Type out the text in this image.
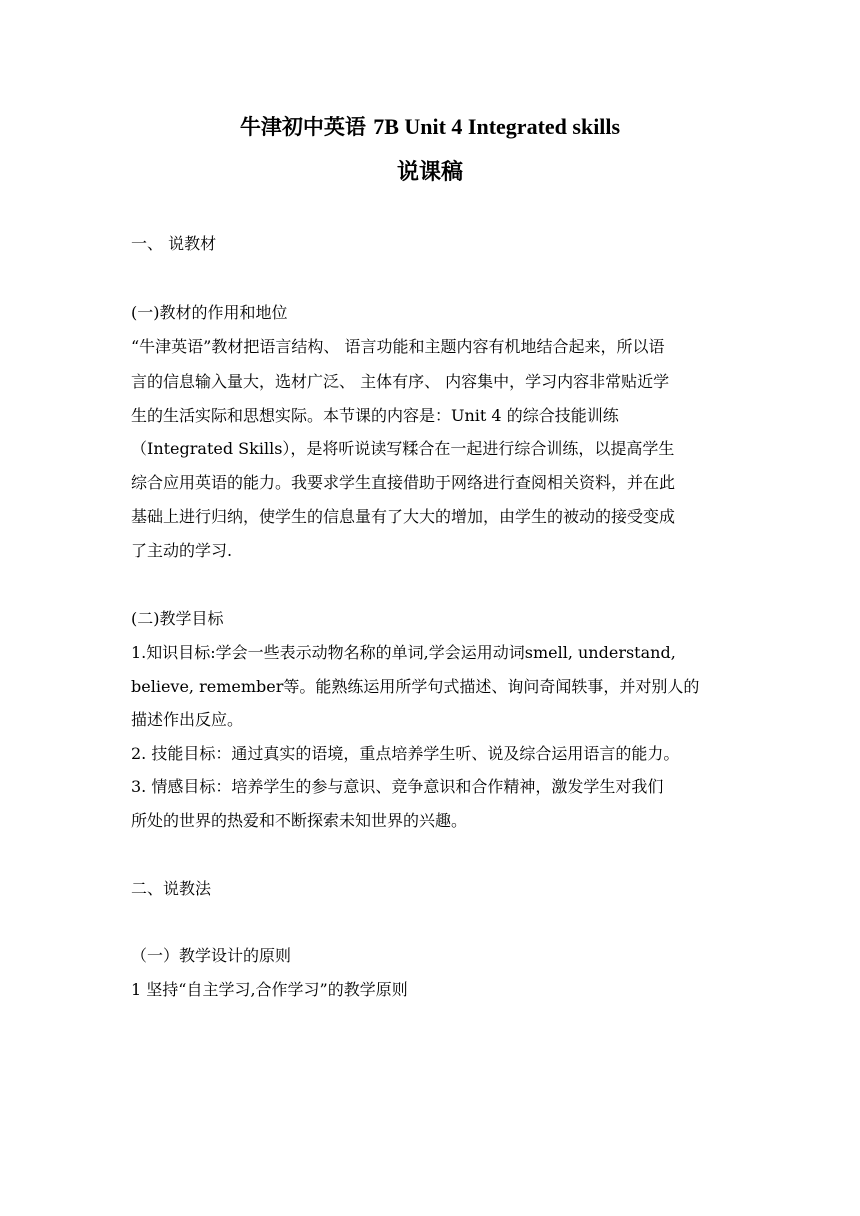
牛津初中英语 7B Unit 4 Integrated skills
说课稿
一、 说教材
(一)教材的作用和地位
“牛津英语”教材把语言结构、 语言功能和主题内容有机地结合起来，所以语
言的信息输入量大，选材广泛、 主体有序、 内容集中，学习内容非常贴近学
生的生活实际和思想实际。本节课的内容是：Unit 4 的综合技能训练
（Integrated Skills），是将听说读写糅合在一起进行综合训练，以提高学生
综合应用英语的能力。我要求学生直接借助于网络进行查阅相关资料，并在此
基础上进行归纳，使学生的信息量有了大大的增加，由学生的被动的接受变成
了主动的学习.
(二)教学目标
1.知识目标:学会一些表示动物名称的单词,学会运用动词smell, understand,
believe, remember等。能熟练运用所学句式描述、询问奇闻轶事，并对别人的
描述作出反应。
2. 技能目标：通过真实的语境，重点培养学生听、说及综合运用语言的能力。
3. 情感目标：培养学生的参与意识、竞争意识和合作精神，激发学生对我们
所处的世界的热爱和不断探索未知世界的兴趣。
二、说教法
（一）教学设计的原则
1 坚持“自主学习,合作学习”的教学原则
